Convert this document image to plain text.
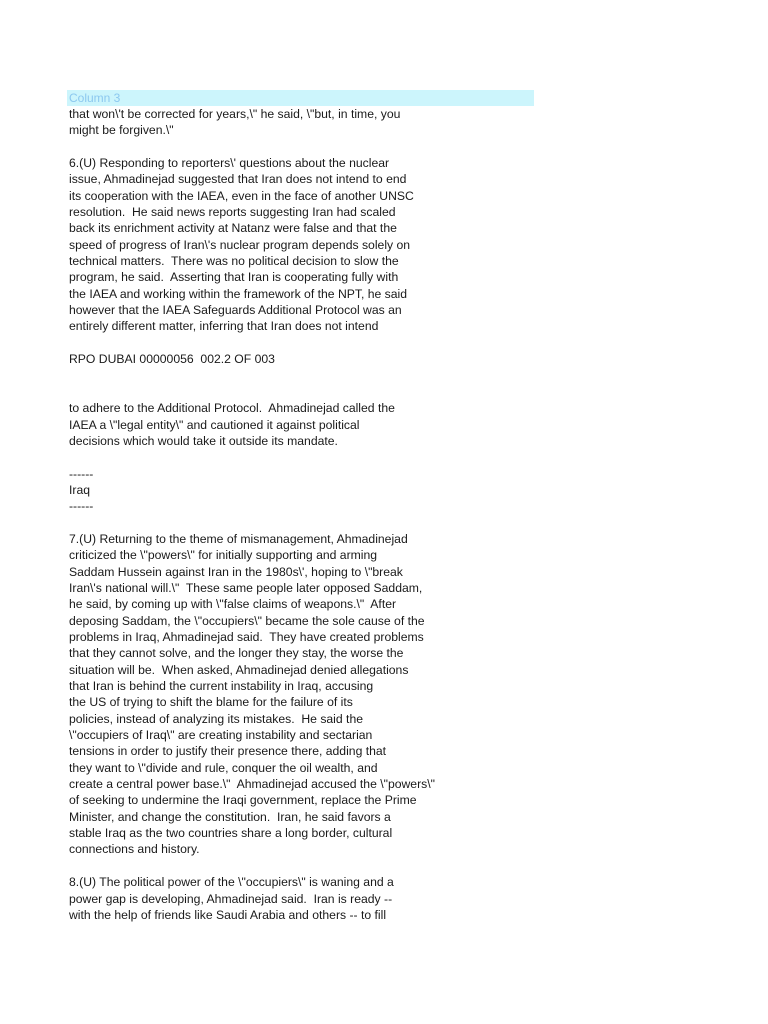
Column 3
that won\'t be corrected for years,\" he said, \"but, in time, you
might be forgiven.\"

6.(U) Responding to reporters\' questions about the nuclear
issue, Ahmadinejad suggested that Iran does not intend to end
its cooperation with the IAEA, even in the face of another UNSC
resolution.  He said news reports suggesting Iran had scaled
back its enrichment activity at Natanz were false and that the
speed of progress of Iran\'s nuclear program depends solely on
technical matters.  There was no political decision to slow the
program, he said.  Asserting that Iran is cooperating fully with
the IAEA and working within the framework of the NPT, he said
however that the IAEA Safeguards Additional Protocol was an
entirely different matter, inferring that Iran does not intend

RPO DUBAI 00000056  002.2 OF 003

to adhere to the Additional Protocol.  Ahmadinejad called the
IAEA a \"legal entity\" and cautioned it against political
decisions which would take it outside its mandate.

------
Iraq
------

7.(U) Returning to the theme of mismanagement, Ahmadinejad
criticized the \"powers\" for initially supporting and arming
Saddam Hussein against Iran in the 1980s\', hoping to \"break
Iran\'s national will.\"  These same people later opposed Saddam,
he said, by coming up with \"false claims of weapons.\"  After
deposing Saddam, the \"occupiers\" became the sole cause of the
problems in Iraq, Ahmadinejad said.  They have created problems
that they cannot solve, and the longer they stay, the worse the
situation will be.  When asked, Ahmadinejad denied allegations
that Iran is behind the current instability in Iraq, accusing
the US of trying to shift the blame for the failure of its
policies, instead of analyzing its mistakes.  He said the
\"occupiers of Iraq\" are creating instability and sectarian
tensions in order to justify their presence there, adding that
they want to \"divide and rule, conquer the oil wealth, and
create a central power base.\"  Ahmadinejad accused the \"powers\"
of seeking to undermine the Iraqi government, replace the Prime
Minister, and change the constitution.  Iran, he said favors a
stable Iraq as the two countries share a long border, cultural
connections and history.

8.(U) The political power of the \"occupiers\" is waning and a
power gap is developing, Ahmadinejad said.  Iran is ready --
with the help of friends like Saudi Arabia and others -- to fill
